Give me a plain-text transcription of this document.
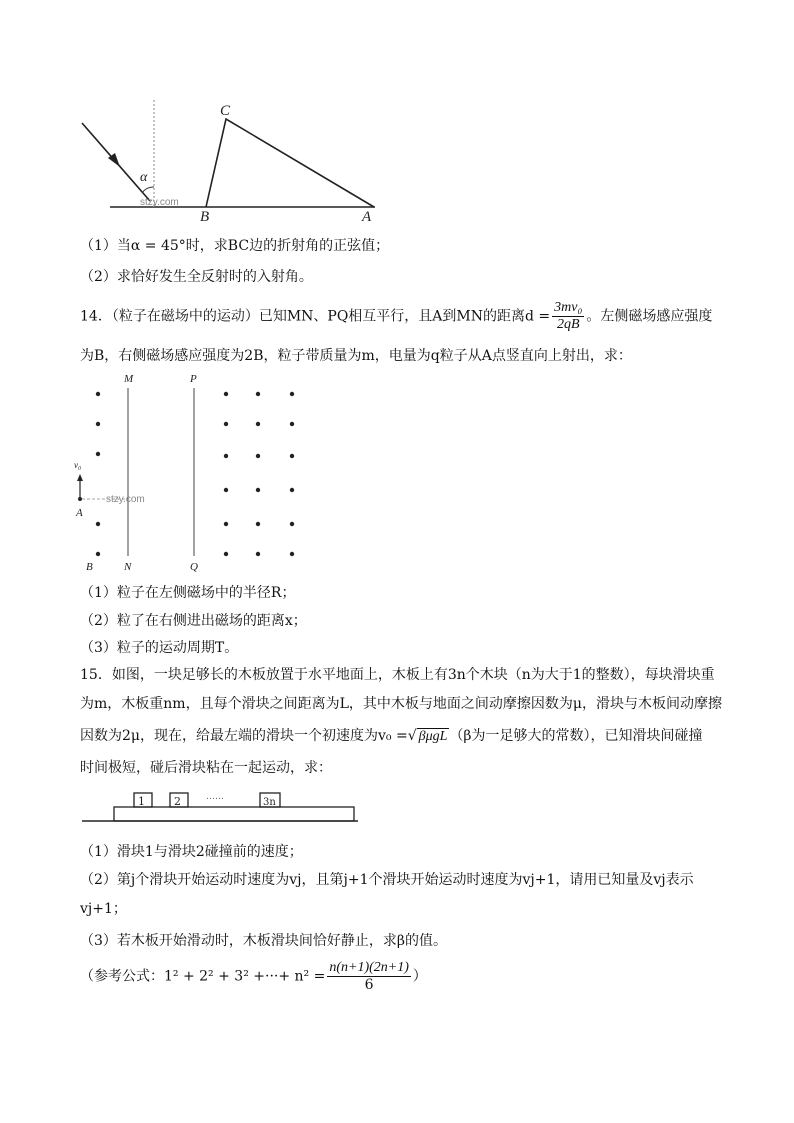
C
B	A
α
stzy.com
（1）当α = 45°时，求BC边的折射角的正弦值；
（2）求恰好发生全反射时的入射角。
14．（粒子在磁场中的运动）已知MN、PQ相互平行，且A到MN的距离$d = \frac{\text{3mv₀}}{2qB}$ 。左侧磁场感应强度
为B，右侧磁场感应强度为2B，粒子带质量为m，电量为q粒子从A点竖直向上射出，求：
M	P
N	Q
B
A
v₀
stzy.com
（1）粒子在左侧磁场中的半径R；
（2）粒了在右侧进出磁场的距离x；
（3）粒子的运动周期T。
15．如图，一块足够长的木板放置于水平地面上，木板上有3n个木块（n为大于1的整数），每块滑块重
为m，木板重nm，且每个滑块之间距离为L，其中木板与地面之间动摩擦因数为μ，滑块与木板间动摩擦
因数为2μ，现在，给最左端的滑块一个初速度为v₀ =√ βμgL （β为一足够大的常数），已知滑块间碰撞
时间极短，碰后滑块粘在一起运动，求：
1	2	……	3n
（1）滑块1与滑块2碰撞前的速度；
（2）第j个滑块开始运动时速度为vj，且第j+1个滑块开始运动时速度为vj+1，请用已知量及vj表示
vj+1；
（3）若木板开始滑动时，木板滑块间恰好静止，求β的值。
（参考公式：1² + 2² + 3² +···+ $n^2 = \frac{n(n+1)(2n+1)}{6}$ ）
